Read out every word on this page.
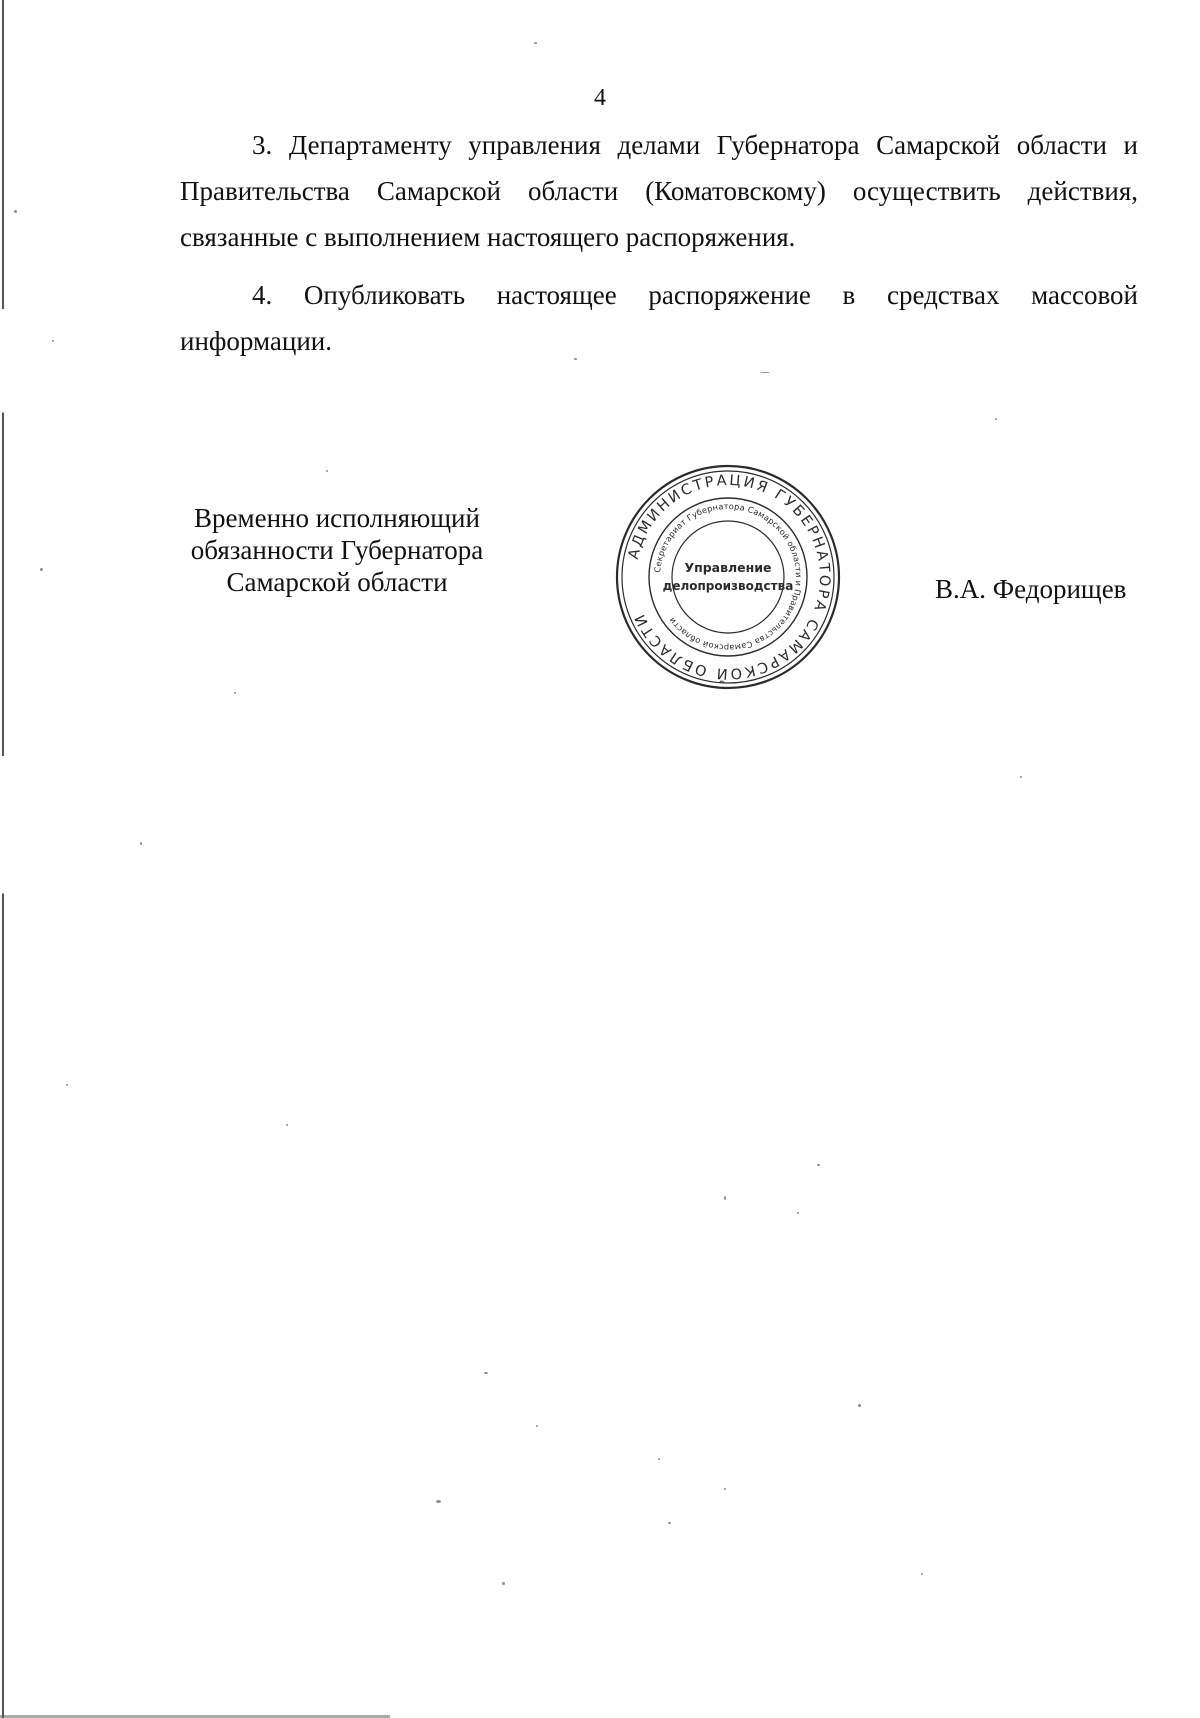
4

3. Департаменту управления делами Губернатора Самарской области и Правительства Самарской области (Коматовскому) осуществить действия, связанные с выполнением настоящего распоряжения.

4. Опубликовать настоящее распоряжение в средствах массовой информации.

Временно исполняющий
обязанности Губернатора
Самарской области
АДМИНИСТРАЦИЯ ГУБЕРНАТОРА САМАРСКОЙ ОБЛАСТИ
Секретариат Губернатора Самарской области и Правительства Самарской области
Управление
делопроизводства	В.А. Федорищев
